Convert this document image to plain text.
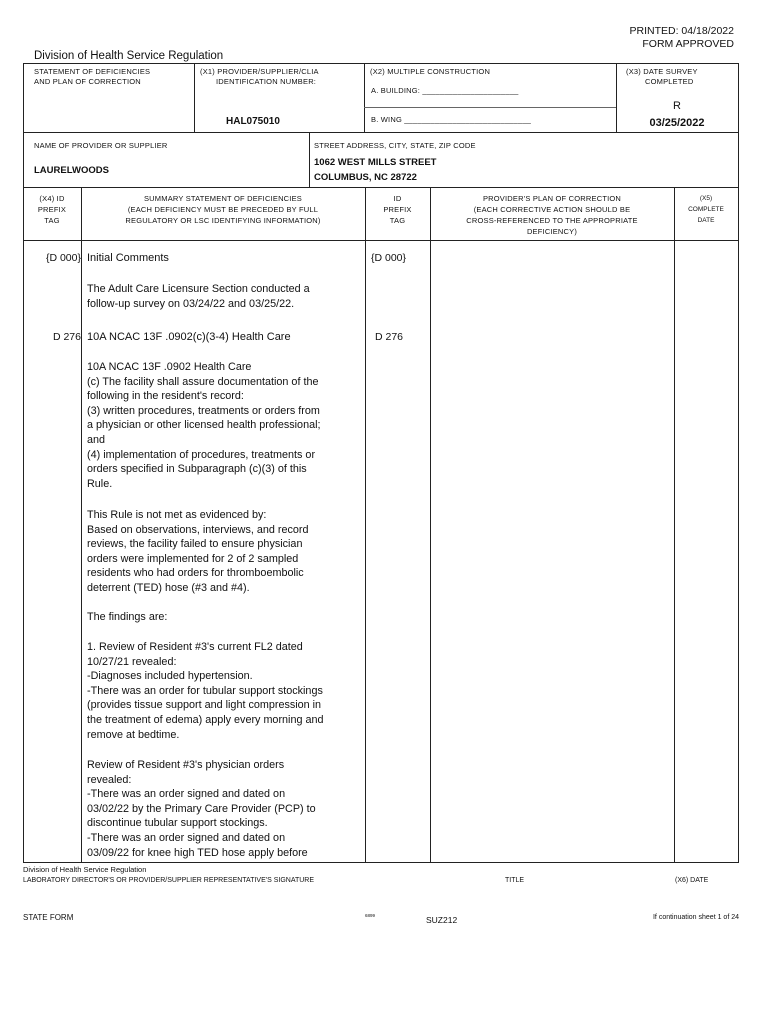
PRINTED: 04/18/2022
FORM APPROVED
Division of Health Service Regulation
STATEMENT OF DEFICIENCIES
AND PLAN OF CORRECTION
(X1) PROVIDER/SUPPLIER/CLIA
IDENTIFICATION NUMBER:
HAL075010
(X2) MULTIPLE CONSTRUCTION
A. BUILDING: ______________________
B. WING _____________________________
(X3) DATE SURVEY
COMPLETED
R
03/25/2022
NAME OF PROVIDER OR SUPPLIER
LAURELWOODS
STREET ADDRESS, CITY, STATE, ZIP CODE
1062 WEST MILLS STREET
COLUMBUS, NC 28722
(X4) ID
PREFIX
TAG
SUMMARY STATEMENT OF DEFICIENCIES
(EACH DEFICIENCY MUST BE PRECEDED BY FULL
REGULATORY OR LSC IDENTIFYING INFORMATION)
ID
PREFIX
TAG
PROVIDER'S PLAN OF CORRECTION
(EACH CORRECTIVE ACTION SHOULD BE
CROSS-REFERENCED TO THE APPROPRIATE
DEFICIENCY)
(X5)
COMPLETE
DATE
{D 000}	{D 000}
Initial Comments
The Adult Care Licensure Section conducted a
follow-up survey on 03/24/22 and 03/25/22.
D 276	D 276
10A NCAC 13F .0902(c)(3-4) Health Care
10A NCAC 13F .0902 Health Care
(c) The facility shall assure documentation of the
following in the resident's record:
(3) written procedures, treatments or orders from
a physician or other licensed health professional;
and
(4) implementation of procedures, treatments or
orders specified in Subparagraph (c)(3) of this
Rule.
This Rule is not met as evidenced by:
Based on observations, interviews, and record
reviews, the facility failed to ensure physician
orders were implemented for 2 of 2 sampled
residents who had orders for thromboembolic
deterrent (TED) hose (#3 and #4).
The findings are:
1. Review of Resident #3's current FL2 dated
10/27/21 revealed:
-Diagnoses included hypertension.
-There was an order for tubular support stockings
(provides tissue support and light compression in
the treatment of edema) apply every morning and
remove at bedtime.
Review of Resident #3's physician orders
revealed:
-There was an order signed and dated on
03/02/22 by the Primary Care Provider (PCP) to
discontinue tubular support stockings.
-There was an order signed and dated on
03/09/22 for knee high TED hose apply before
Division of Health Service Regulation
LABORATORY DIRECTOR'S OR PROVIDER/SUPPLIER REPRESENTATIVE'S SIGNATURE	TITLE	(X6) DATE
STATE FORM	6899	SUZ212	If continuation sheet 1 of 24
